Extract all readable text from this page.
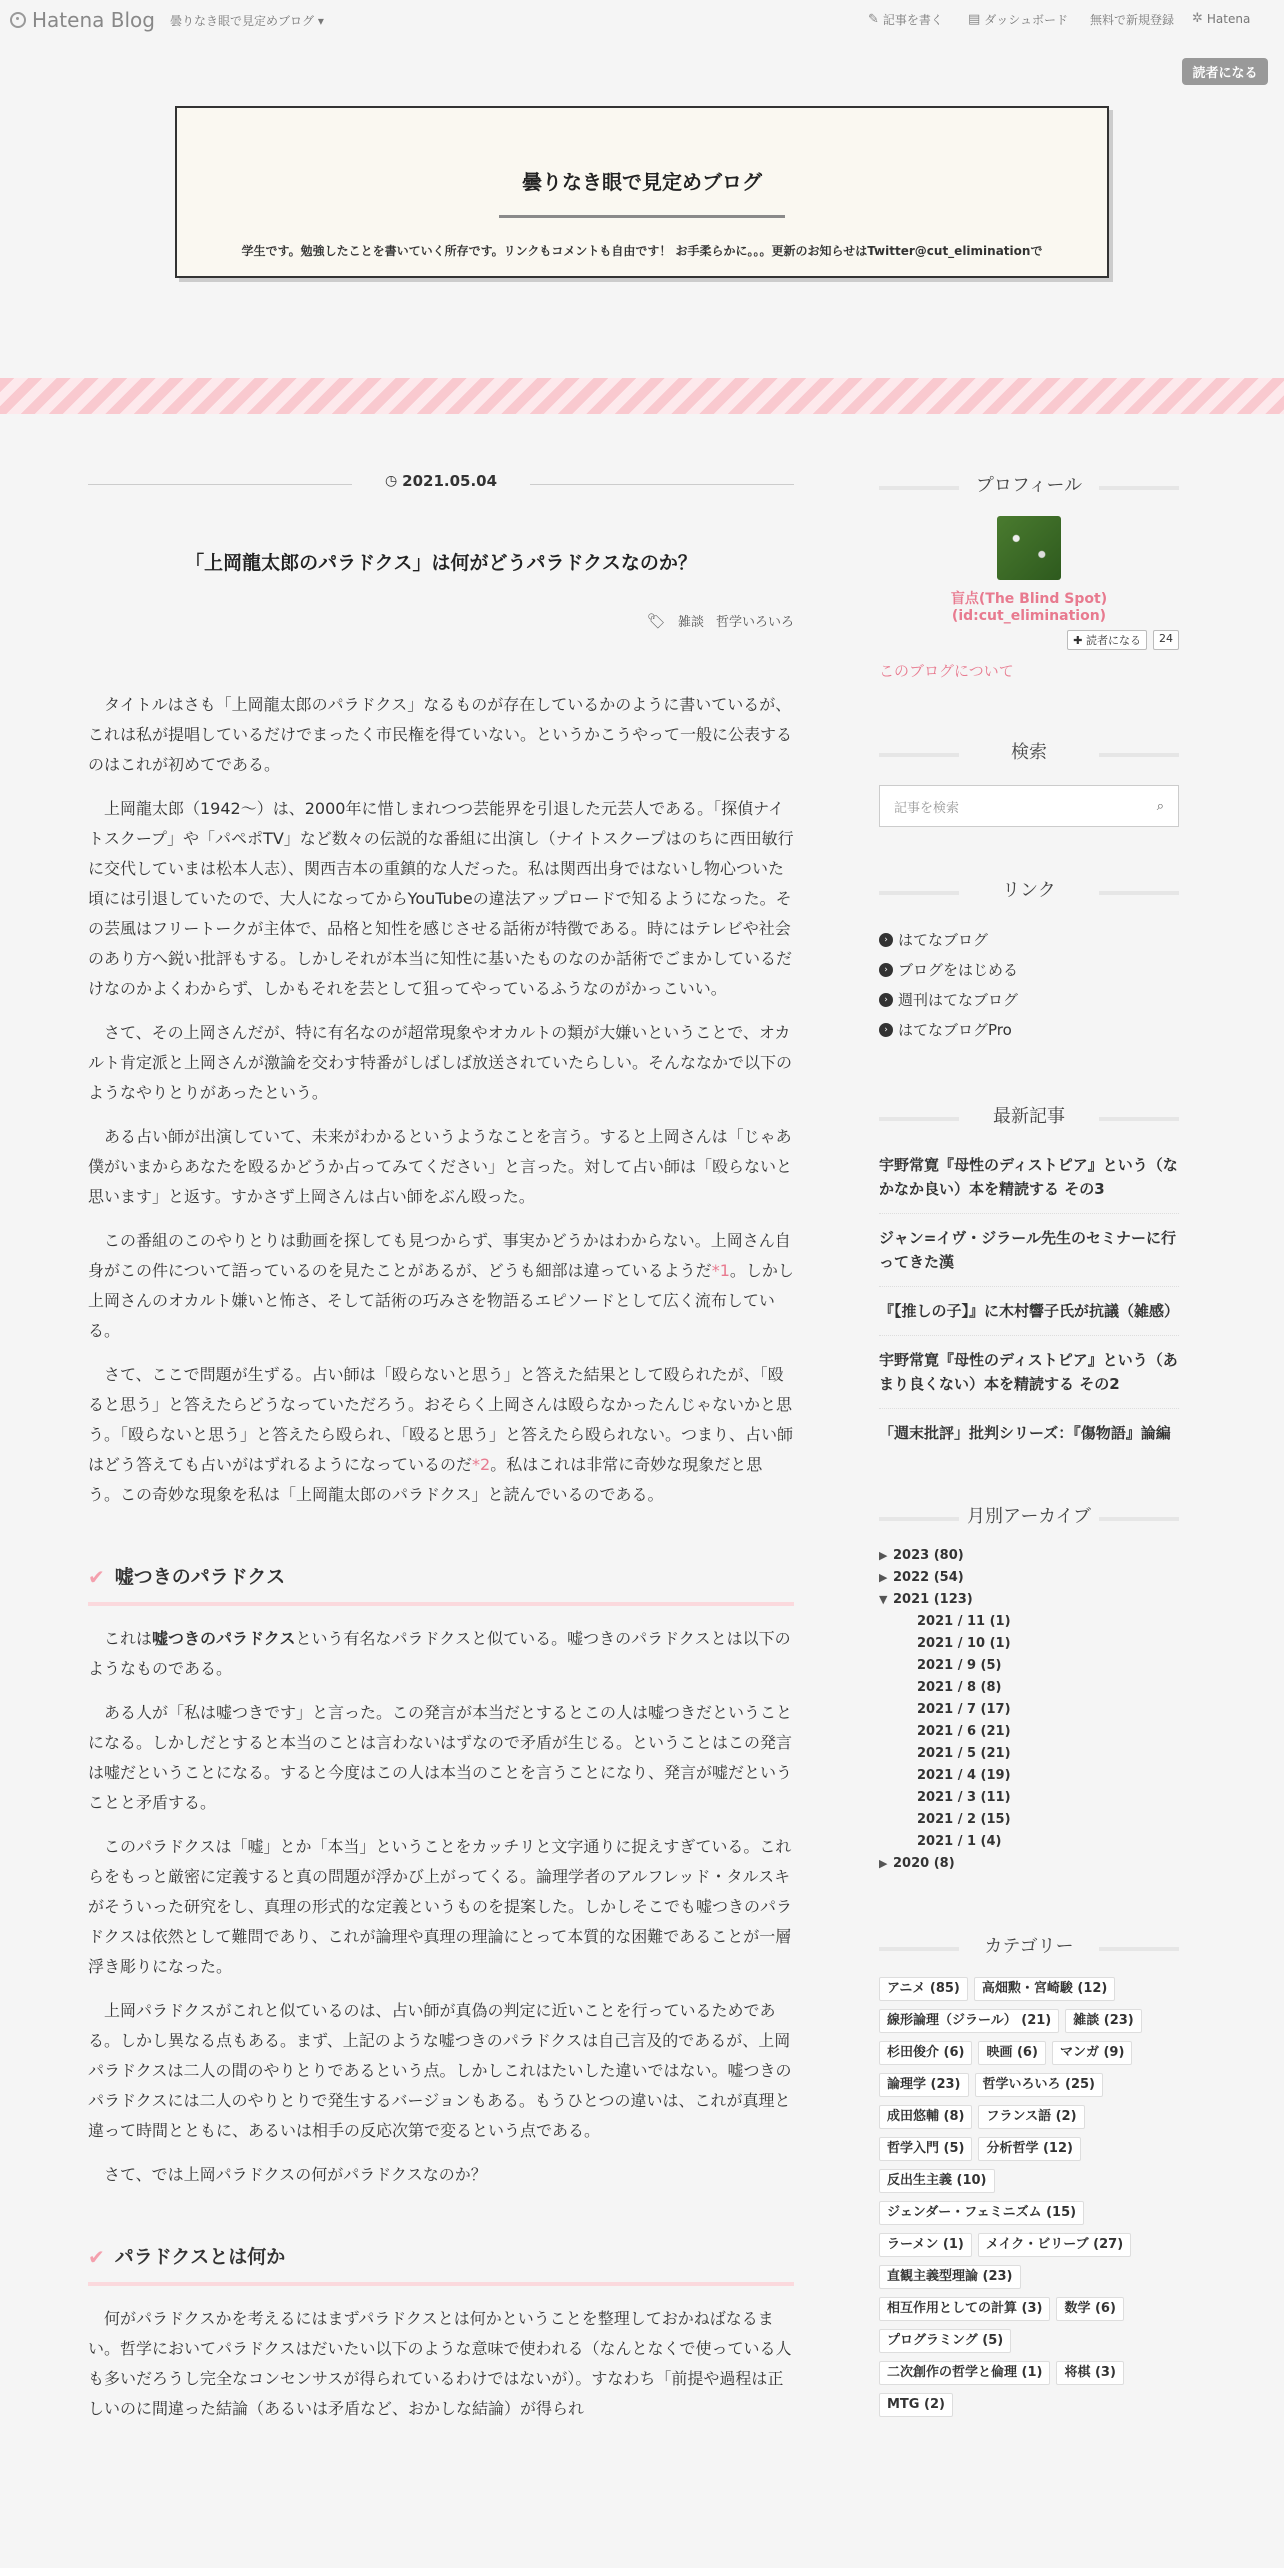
Hatena Blog 曇りなき眼で見定めブログ ▾	✎ 記事を書く ▤ ダッシュボード 無料で新規登録 ✲ Hatena
読者になる
曇りなき眼で見定めブログ
学生です。勉強したことを書いていく所存です。リンクもコメントも自由です！ お手柔らかに。。。更新のお知らせはTwitter@cut_eliminationで
◷ 2021.05.04
「上岡龍太郎のパラドクス」は何がどうパラドクスなのか？
🏷 雑談 哲学いろいろ

タイトルはさも「上岡龍太郎のパラドクス」なるものが存在しているかのように書いているが、これは私が提唱しているだけでまったく市民権を得ていない。というかこうやって一般に公表するのはこれが初めてである。

上岡龍太郎（1942〜）は、2000年に惜しまれつつ芸能界を引退した元芸人である。「探偵ナイトスクープ」や「パペポTV」など数々の伝説的な番組に出演し（ナイトスクープはのちに西田敏行に交代していまは松本人志）、関西吉本の重鎮的な人だった。私は関西出身ではないし物心ついた頃には引退していたので、大人になってからYouTubeの違法アップロードで知るようになった。その芸風はフリートークが主体で、品格と知性を感じさせる話術が特徴である。時にはテレビや社会のあり方へ鋭い批評もする。しかしそれが本当に知性に基いたものなのか話術でごまかしているだけなのかよくわからず、しかもそれを芸として狙ってやっているふうなのがかっこいい。

さて、その上岡さんだが、特に有名なのが超常現象やオカルトの類が大嫌いということで、オカルト肯定派と上岡さんが激論を交わす特番がしばしば放送されていたらしい。そんななかで以下のようなやりとりがあったという。

ある占い師が出演していて、未来がわかるというようなことを言う。すると上岡さんは「じゃあ僕がいまからあなたを殴るかどうか占ってみてください」と言った。対して占い師は「殴らないと思います」と返す。すかさず上岡さんは占い師をぶん殴った。

この番組のこのやりとりは動画を探しても見つからず、事実かどうかはわからない。上岡さん自身がこの件について語っているのを見たことがあるが、どうも細部は違っているようだ*1。しかし上岡さんのオカルト嫌いと怖さ、そして話術の巧みさを物語るエピソードとして広く流布している。

さて、ここで問題が生ずる。占い師は「殴らないと思う」と答えた結果として殴られたが、「殴ると思う」と答えたらどうなっていただろう。おそらく上岡さんは殴らなかったんじゃないかと思う。「殴らないと思う」と答えたら殴られ、「殴ると思う」と答えたら殴られない。つまり、占い師はどう答えても占いがはずれるようになっているのだ*2。私はこれは非常に奇妙な現象だと思う。この奇妙な現象を私は「上岡龍太郎のパラドクス」と読んでいるのである。

✔ 嘘つきのパラドクス

これは嘘つきのパラドクスという有名なパラドクスと似ている。嘘つきのパラドクスとは以下のようなものである。

ある人が「私は嘘つきです」と言った。この発言が本当だとするとこの人は嘘つきだということになる。しかしだとすると本当のことは言わないはずなので矛盾が生じる。ということはこの発言は嘘だということになる。すると今度はこの人は本当のことを言うことになり、発言が嘘だということと矛盾する。

このパラドクスは「嘘」とか「本当」ということをカッチリと文字通りに捉えすぎている。これらをもっと厳密に定義すると真の問題が浮かび上がってくる。論理学者のアルフレッド・タルスキがそういった研究をし、真理の形式的な定義というものを提案した。しかしそこでも嘘つきのパラドクスは依然として難問であり、これが論理や真理の理論にとって本質的な困難であることが一層浮き彫りになった。

上岡パラドクスがこれと似ているのは、占い師が真偽の判定に近いことを行っているためである。しかし異なる点もある。まず、上記のような嘘つきのパラドクスは自己言及的であるが、上岡パラドクスは二人の間のやりとりであるという点。しかしこれはたいした違いではない。嘘つきのパラドクスには二人のやりとりで発生するバージョンもある。もうひとつの違いは、これが真理と違って時間とともに、あるいは相手の反応次第で変るという点である。

さて、では上岡パラドクスの何がパラドクスなのか？

✔ パラドクスとは何か

何がパラドクスかを考えるにはまずパラドクスとは何かということを整理しておかねばなるまい。哲学においてパラドクスはだいたい以下のような意味で使われる（なんとなくで使っている人も多いだろうし完全なコンセンサスが得られているわけではないが）。すなわち「前提や過程は正しいのに間違った結論（あるいは矛盾など、おかしな結論）が得られ

プロフィール
盲点(The Blind Spot) (id:cut_elimination)
✚ 読者になる	24
このブログについて
検索
記事を検索	⌕
リンク
› はてなブログ
› ブログをはじめる
› 週刊はてなブログ
› はてなブログPro
最新記事
宇野常寛『母性のディストピア』という（なかなか良い）本を精読する その3
ジャン=イヴ・ジラール先生のセミナーに行ってきた漢
『【推しの子】』に木村響子氏が抗議（雑感）
宇野常寛『母性のディストピア』という（あまり良くない）本を精読する その2
「週末批評」批判シリーズ：『傷物語』論編
月別アーカイブ
▶ 2023 (80)
▶ 2022 (54)
▼ 2021 (123)
2021 / 11 (1)
2021 / 10 (1)
2021 / 9 (5)
2021 / 8 (8)
2021 / 7 (17)
2021 / 6 (21)
2021 / 5 (21)
2021 / 4 (19)
2021 / 3 (11)
2021 / 2 (15)
2021 / 1 (4)
▶ 2020 (8)
カテゴリー
アニメ (85)	高畑勲・宮崎駿 (12)
線形論理（ジラール） (21)	雑談 (23)
杉田俊介 (6)	映画 (6)	マンガ (9)
論理学 (23)	哲学いろいろ (25)
成田悠輔 (8)	フランス語 (2)
哲学入門 (5)	分析哲学 (12)
反出生主義 (10)
ジェンダー・フェミニズム (15)
ラーメン (1)	メイク・ビリーブ (27)
直観主義型理論 (23)
相互作用としての計算 (3)	数学 (6)
プログラミング (5)
二次創作の哲学と倫理 (1)	将棋 (3)
MTG (2)
